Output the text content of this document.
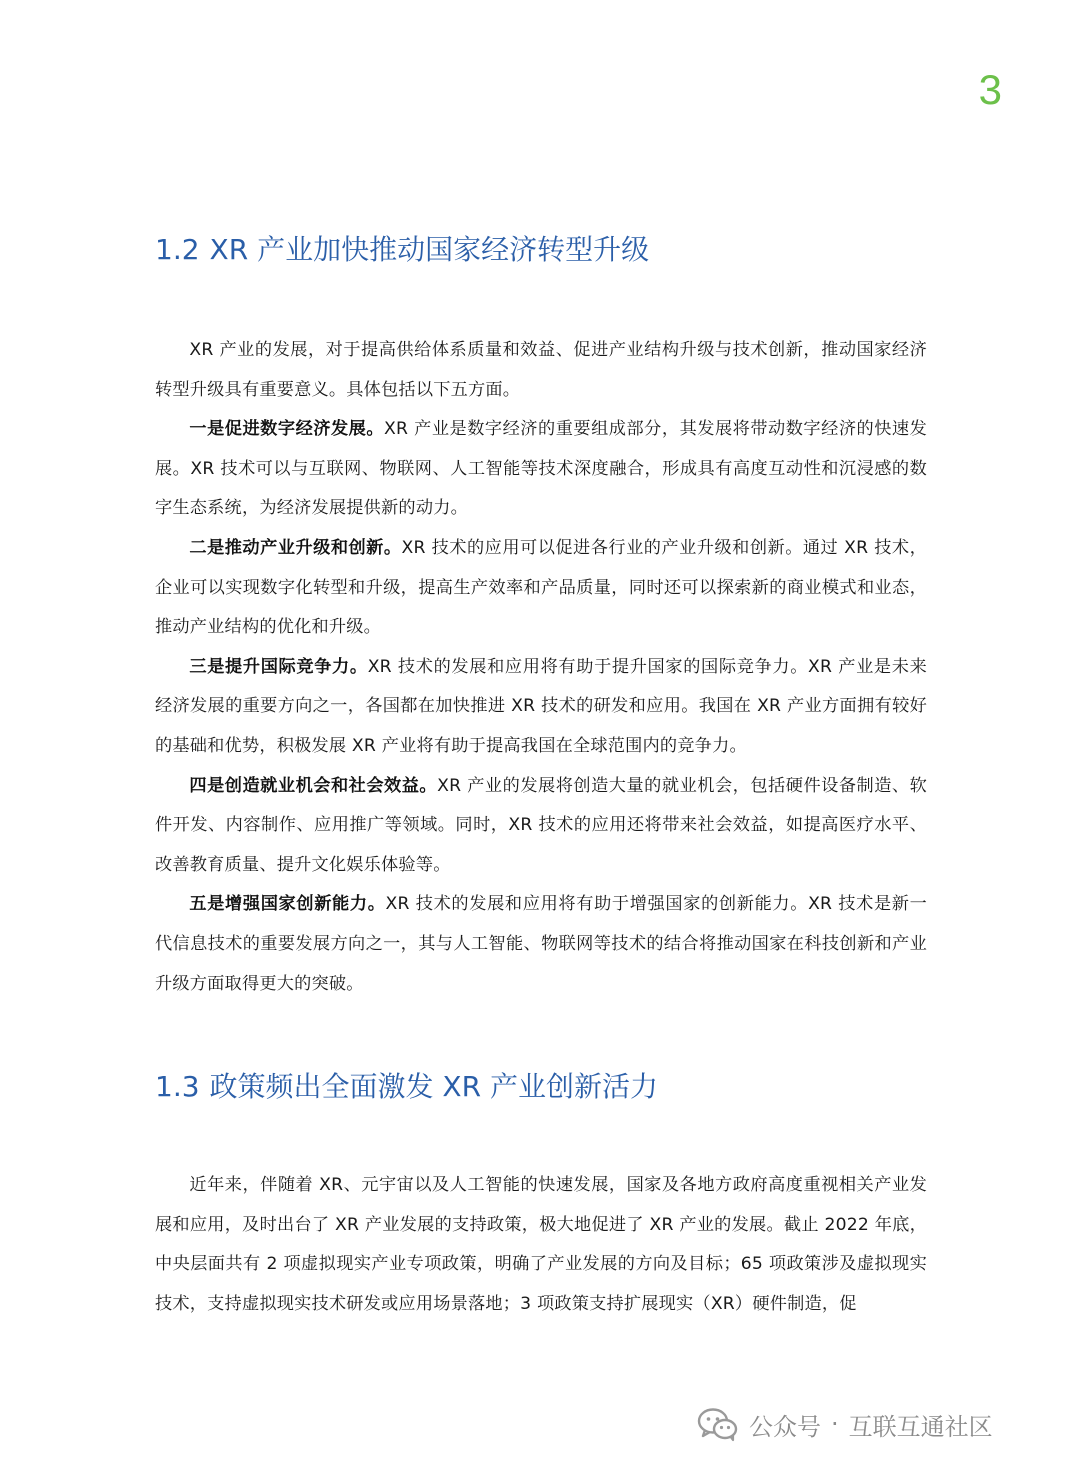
3
1.2 XR 产业加快推动国家经济转型升级

XR 产业的发展，对于提高供给体系质量和效益、促进产业结构升级与技术创新，推动国家经济转型升级具有重要意义。具体包括以下五方面。

一是促进数字经济发展。XR 产业是数字经济的重要组成部分，其发展将带动数字经济的快速发展。XR 技术可以与互联网、物联网、人工智能等技术深度融合，形成具有高度互动性和沉浸感的数字生态系统，为经济发展提供新的动力。

二是推动产业升级和创新。XR 技术的应用可以促进各行业的产业升级和创新。通过 XR 技术，企业可以实现数字化转型和升级，提高生产效率和产品质量，同时还可以探索新的商业模式和业态，推动产业结构的优化和升级。

三是提升国际竞争力。XR 技术的发展和应用将有助于提升国家的国际竞争力。XR 产业是未来经济发展的重要方向之一，各国都在加快推进 XR 技术的研发和应用。我国在 XR 产业方面拥有较好的基础和优势，积极发展 XR 产业将有助于提高我国在全球范围内的竞争力。

四是创造就业机会和社会效益。XR 产业的发展将创造大量的就业机会，包括硬件设备制造、软件开发、内容制作、应用推广等领域。同时，XR 技术的应用还将带来社会效益，如提高医疗水平、改善教育质量、提升文化娱乐体验等。

五是增强国家创新能力。XR 技术的发展和应用将有助于增强国家的创新能力。XR 技术是新一代信息技术的重要发展方向之一，其与人工智能、物联网等技术的结合将推动国家在科技创新和产业升级方面取得更大的突破。

1.3 政策频出全面激发 XR 产业创新活力

近年来，伴随着 XR、元宇宙以及人工智能的快速发展，国家及各地方政府高度重视相关产业发展和应用，及时出台了 XR 产业发展的支持政策，极大地促进了 XR 产业的发展。截止 2022 年底，中央层面共有 2 项虚拟现实产业专项政策，明确了产业发展的方向及目标；65 项政策涉及虚拟现实技术，支持虚拟现实技术研发或应用场景落地；3 项政策支持扩展现实（XR）硬件制造，促

公众号 · 互联互通社区
